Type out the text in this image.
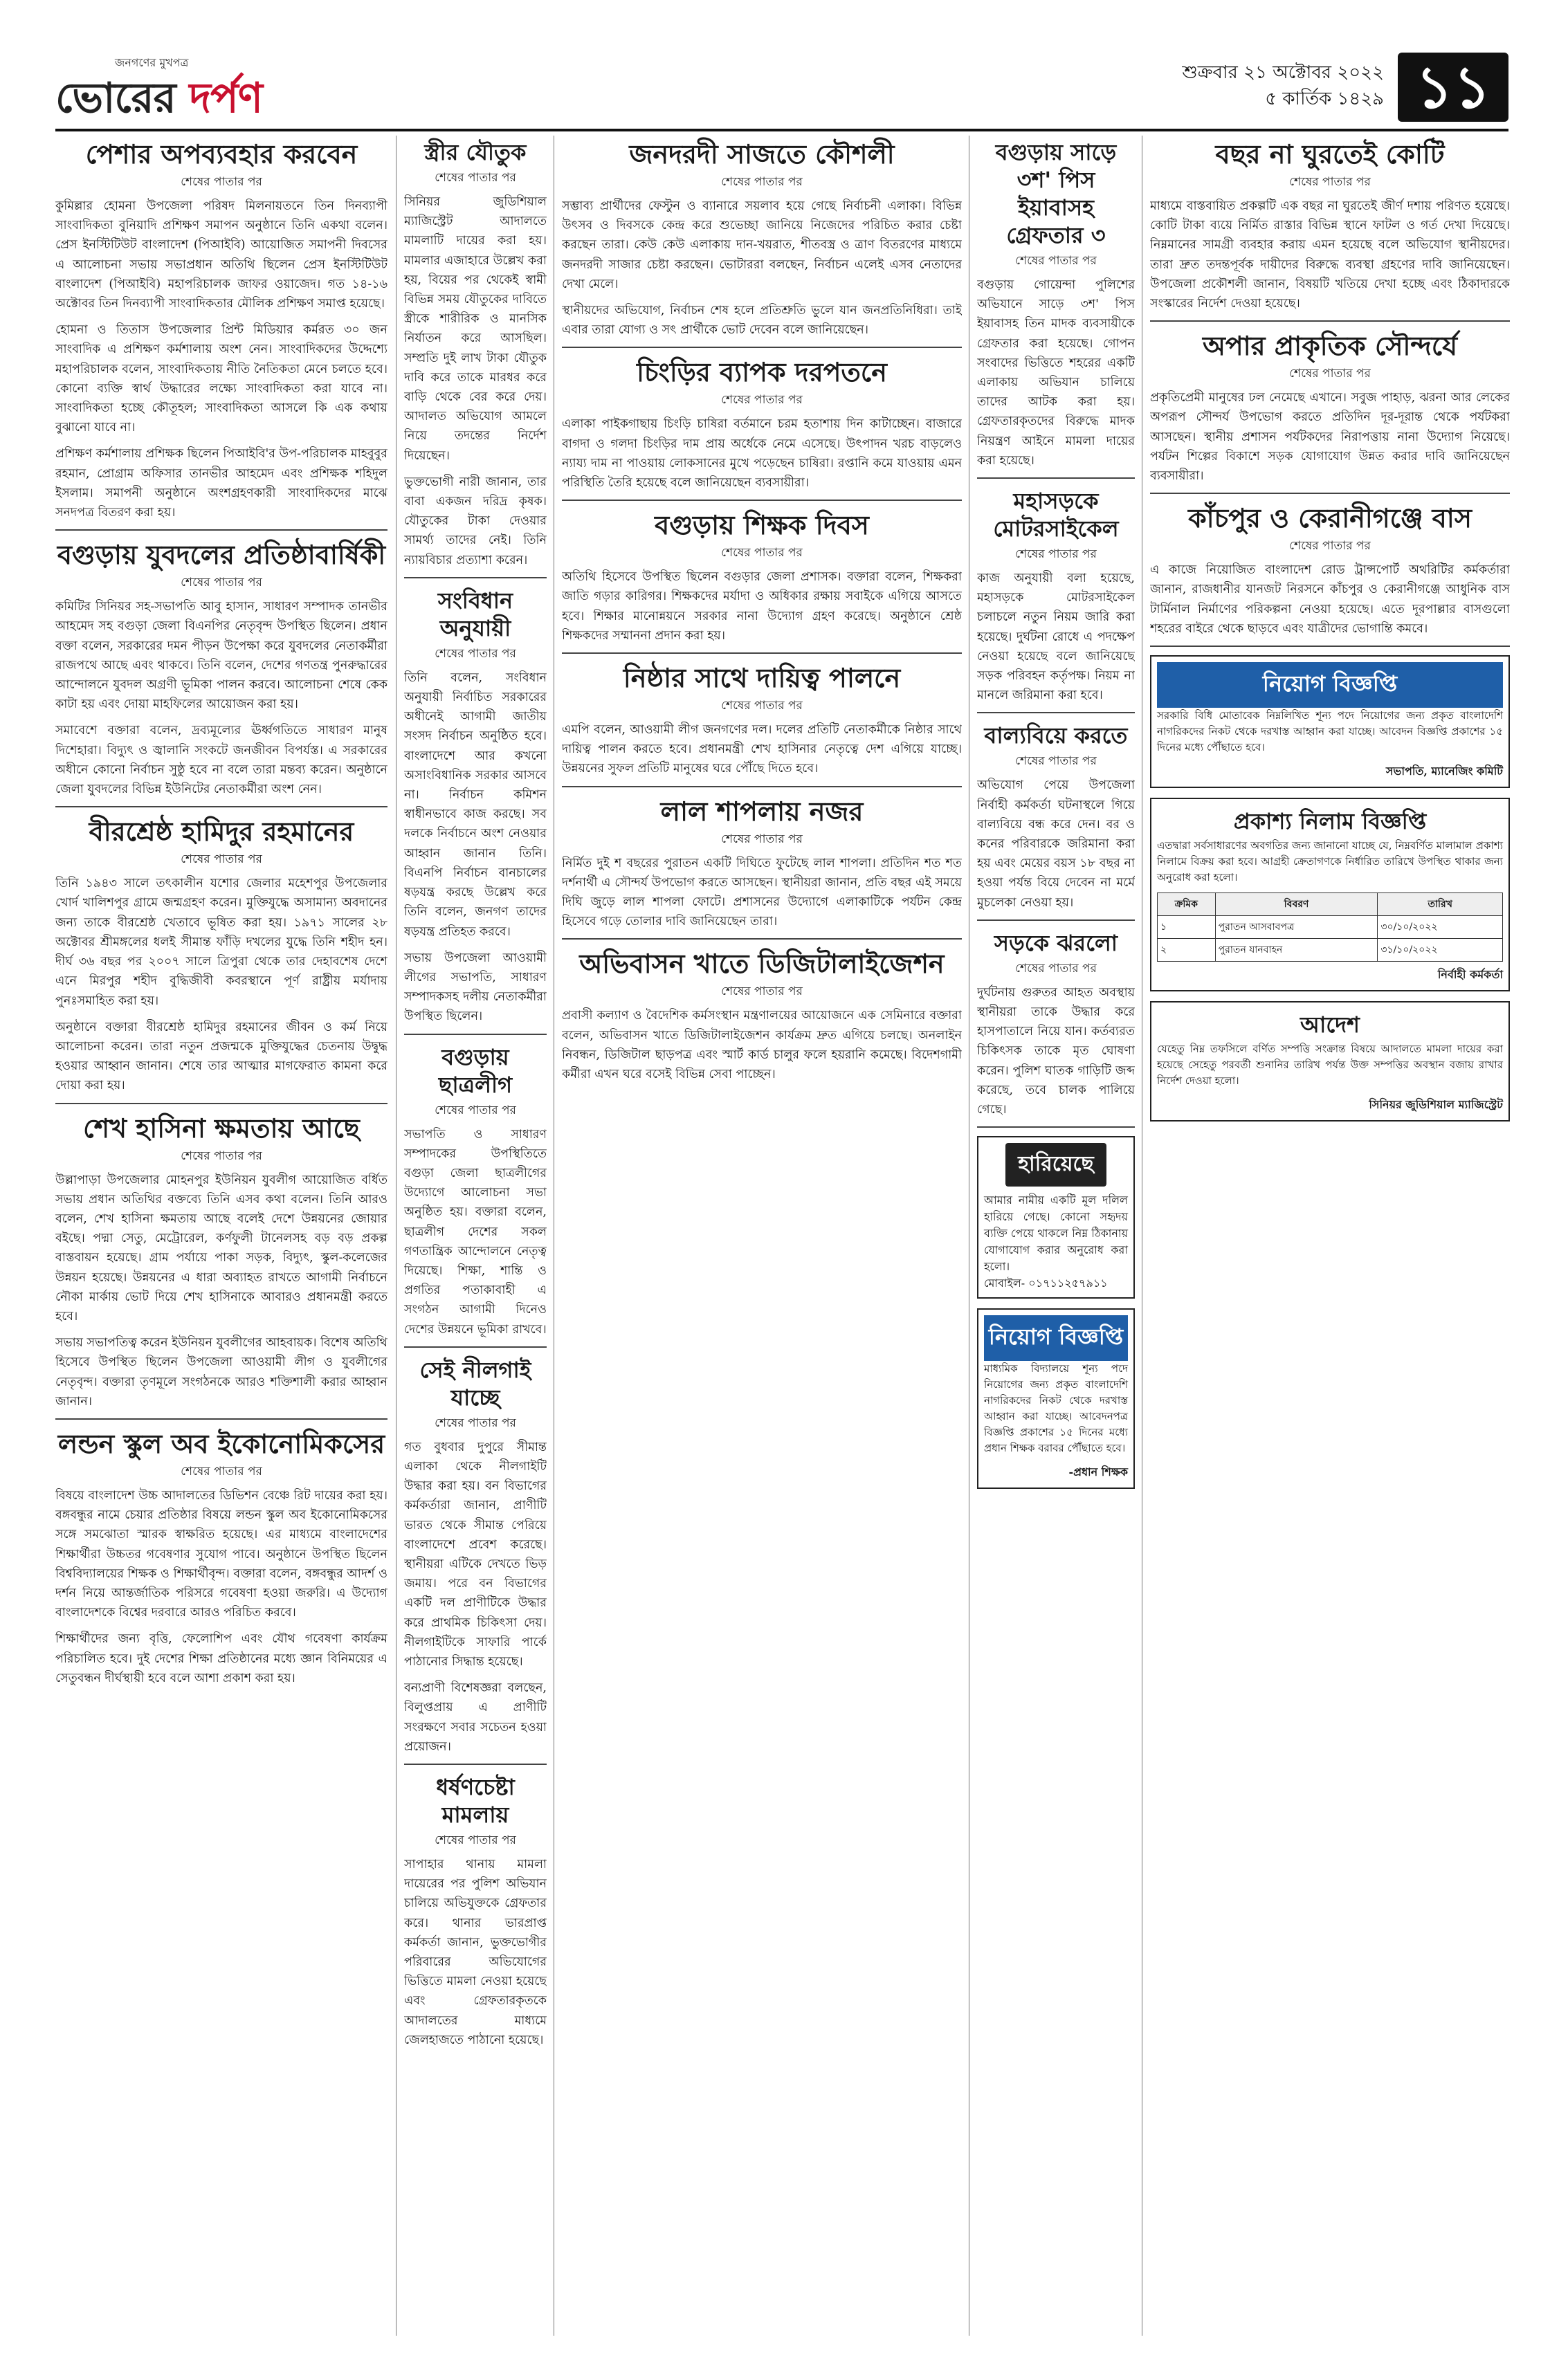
জনগণের মুখপত্র
ভোরের দর্পণ
শুক্রবার ২১ অক্টোবর ২০২২
৫ কার্তিক ১৪২৯ ১১
পেশার অপব্যবহার করবেন
শেষের পাতার পর

কুমিল্লার হোমনা উপজেলা পরিষদ মিলনায়তনে তিন দিনব্যাপী সাংবাদিকতা বুনিয়াদি প্রশিক্ষণ সমাপন অনুষ্ঠানে তিনি একথা বলেন। প্রেস ইনস্টিটিউট বাংলাদেশ (পিআইবি) আয়োজিত সমাপনী দিবসের এ আলোচনা সভায় সভাপ্রধান অতিথি ছিলেন প্রেস ইনস্টিটিউট বাংলাদেশ (পিআইবি) মহাপরিচালক জাফর ওয়াজেদ। গত ১৪-১৬ অক্টোবর তিন দিনব্যাপী সাংবাদিকতার মৌলিক প্রশিক্ষণ সমাপ্ত হয়েছে।

হোমনা ও তিতাস উপজেলার প্রিন্ট মিডিয়ার কর্মরত ৩০ জন সাংবাদিক এ প্রশিক্ষণ কর্মশালায় অংশ নেন। সাংবাদিকদের উদ্দেশ্যে মহাপরিচালক বলেন, সাংবাদিকতায় নীতি নৈতিকতা মেনে চলতে হবে। কোনো ব্যক্তি স্বার্থ উদ্ধারের লক্ষ্যে সাংবাদিকতা করা যাবে না। সাংবাদিকতা হচ্ছে কৌতূহল; সাংবাদিকতা আসলে কি এক কথায় বুঝানো যাবে না।

প্রশিক্ষণ কর্মশালায় প্রশিক্ষক ছিলেন পিআইবি'র উপ-পরিচালক মাহবুবুর রহমান, প্রোগ্রাম অফিসার তানভীর আহমেদ এবং প্রশিক্ষক শহিদুল ইসলাম। সমাপনী অনুষ্ঠানে অংশগ্রহণকারী সাংবাদিকদের মাঝে সনদপত্র বিতরণ করা হয়।

বগুড়ায় যুবদলের প্রতিষ্ঠাবার্ষিকী
শেষের পাতার পর

কমিটির সিনিয়র সহ-সভাপতি আবু হাসান, সাধারণ সম্পাদক তানভীর আহমেদ সহ বগুড়া জেলা বিএনপির নেতৃবৃন্দ উপস্থিত ছিলেন। প্রধান বক্তা বলেন, সরকারের দমন পীড়ন উপেক্ষা করে যুবদলের নেতাকর্মীরা রাজপথে আছে এবং থাকবে। তিনি বলেন, দেশের গণতন্ত্র পুনরুদ্ধারের আন্দোলনে যুবদল অগ্রণী ভূমিকা পালন করবে। আলোচনা শেষে কেক কাটা হয় এবং দোয়া মাহফিলের আয়োজন করা হয়।

সমাবেশে বক্তারা বলেন, দ্রব্যমূল্যের ঊর্ধ্বগতিতে সাধারণ মানুষ দিশেহারা। বিদ্যুৎ ও জ্বালানি সংকটে জনজীবন বিপর্যস্ত। এ সরকারের অধীনে কোনো নির্বাচন সুষ্ঠু হবে না বলে তারা মন্তব্য করেন। অনুষ্ঠানে জেলা যুবদলের বিভিন্ন ইউনিটের নেতাকর্মীরা অংশ নেন।

বীরশ্রেষ্ঠ হামিদুর রহমানের
শেষের পাতার পর

তিনি ১৯৪৩ সালে তৎকালীন যশোর জেলার মহেশপুর উপজেলার খোর্দ খালিশপুর গ্রামে জন্মগ্রহণ করেন। মুক্তিযুদ্ধে অসামান্য অবদানের জন্য তাকে বীরশ্রেষ্ঠ খেতাবে ভূষিত করা হয়। ১৯৭১ সালের ২৮ অক্টোবর শ্রীমঙ্গলের ধলই সীমান্ত ফাঁড়ি দখলের যুদ্ধে তিনি শহীদ হন। দীর্ঘ ৩৬ বছর পর ২০০৭ সালে ত্রিপুরা থেকে তার দেহাবশেষ দেশে এনে মিরপুর শহীদ বুদ্ধিজীবী কবরস্থানে পূর্ণ রাষ্ট্রীয় মর্যাদায় পুনঃসমাহিত করা হয়।

অনুষ্ঠানে বক্তারা বীরশ্রেষ্ঠ হামিদুর রহমানের জীবন ও কর্ম নিয়ে আলোচনা করেন। তারা নতুন প্রজন্মকে মুক্তিযুদ্ধের চেতনায় উদ্বুদ্ধ হওয়ার আহ্বান জানান। শেষে তার আত্মার মাগফেরাত কামনা করে দোয়া করা হয়।

শেখ হাসিনা ক্ষমতায় আছে
শেষের পাতার পর

উল্লাপাড়া উপজেলার মোহনপুর ইউনিয়ন যুবলীগ আয়োজিত বর্ধিত সভায় প্রধান অতিথির বক্তব্যে তিনি এসব কথা বলেন। তিনি আরও বলেন, শেখ হাসিনা ক্ষমতায় আছে বলেই দেশে উন্নয়নের জোয়ার বইছে। পদ্মা সেতু, মেট্রোরেল, কর্ণফুলী টানেলসহ বড় বড় প্রকল্প বাস্তবায়ন হয়েছে। গ্রাম পর্যায়ে পাকা সড়ক, বিদ্যুৎ, স্কুল-কলেজের উন্নয়ন হয়েছে। উন্নয়নের এ ধারা অব্যাহত রাখতে আগামী নির্বাচনে নৌকা মার্কায় ভোট দিয়ে শেখ হাসিনাকে আবারও প্রধানমন্ত্রী করতে হবে।

সভায় সভাপতিত্ব করেন ইউনিয়ন যুবলীগের আহবায়ক। বিশেষ অতিথি হিসেবে উপস্থিত ছিলেন উপজেলা আওয়ামী লীগ ও যুবলীগের নেতৃবৃন্দ। বক্তারা তৃণমূলে সংগঠনকে আরও শক্তিশালী করার আহ্বান জানান।

লন্ডন স্কুল অব ইকোনোমিকসের
শেষের পাতার পর

বিষয়ে বাংলাদেশ উচ্চ আদালতের ডিভিশন বেঞ্চে রিট দায়ের করা হয়। বঙ্গবন্ধুর নামে চেয়ার প্রতিষ্ঠার বিষয়ে লন্ডন স্কুল অব ইকোনোমিকসের সঙ্গে সমঝোতা স্মারক স্বাক্ষরিত হয়েছে। এর মাধ্যমে বাংলাদেশের শিক্ষার্থীরা উচ্চতর গবেষণার সুযোগ পাবে। অনুষ্ঠানে উপস্থিত ছিলেন বিশ্ববিদ্যালয়ের শিক্ষক ও শিক্ষার্থীবৃন্দ। বক্তারা বলেন, বঙ্গবন্ধুর আদর্শ ও দর্শন নিয়ে আন্তর্জাতিক পরিসরে গবেষণা হওয়া জরুরি। এ উদ্যোগ বাংলাদেশকে বিশ্বের দরবারে আরও পরিচিত করবে।

শিক্ষার্থীদের জন্য বৃত্তি, ফেলোশিপ এবং যৌথ গবেষণা কার্যক্রম পরিচালিত হবে। দুই দেশের শিক্ষা প্রতিষ্ঠানের মধ্যে জ্ঞান বিনিময়ের এ সেতুবন্ধন দীর্ঘস্থায়ী হবে বলে আশা প্রকাশ করা হয়।

স্ত্রীর যৌতুক
শেষের পাতার পর

সিনিয়র জুডিশিয়াল ম্যাজিস্ট্রেট আদালতে মামলাটি দায়ের করা হয়। মামলার এজাহারে উল্লেখ করা হয়, বিয়ের পর থেকেই স্বামী বিভিন্ন সময় যৌতুকের দাবিতে স্ত্রীকে শারীরিক ও মানসিক নির্যাতন করে আসছিল। সম্প্রতি দুই লাখ টাকা যৌতুক দাবি করে তাকে মারধর করে বাড়ি থেকে বের করে দেয়। আদালত অভিযোগ আমলে নিয়ে তদন্তের নির্দেশ দিয়েছেন।

ভুক্তভোগী নারী জানান, তার বাবা একজন দরিদ্র কৃষক। যৌতুকের টাকা দেওয়ার সামর্থ্য তাদের নেই। তিনি ন্যায়বিচার প্রত্যাশা করেন।

সংবিধান অনুযায়ী
শেষের পাতার পর

তিনি বলেন, সংবিধান অনুযায়ী নির্বাচিত সরকারের অধীনেই আগামী জাতীয় সংসদ নির্বাচন অনুষ্ঠিত হবে। বাংলাদেশে আর কখনো অসাংবিধানিক সরকার আসবে না। নির্বাচন কমিশন স্বাধীনভাবে কাজ করছে। সব দলকে নির্বাচনে অংশ নেওয়ার আহ্বান জানান তিনি। বিএনপি নির্বাচন বানচালের ষড়যন্ত্র করছে উল্লেখ করে তিনি বলেন, জনগণ তাদের ষড়যন্ত্র প্রতিহত করবে।

সভায় উপজেলা আওয়ামী লীগের সভাপতি, সাধারণ সম্পাদকসহ দলীয় নেতাকর্মীরা উপস্থিত ছিলেন।

বগুড়ায় ছাত্রলীগ
শেষের পাতার পর

সভাপতি ও সাধারণ সম্পাদকের উপস্থিতিতে বগুড়া জেলা ছাত্রলীগের উদ্যোগে আলোচনা সভা অনুষ্ঠিত হয়। বক্তারা বলেন, ছাত্রলীগ দেশের সকল গণতান্ত্রিক আন্দোলনে নেতৃত্ব দিয়েছে। শিক্ষা, শান্তি ও প্রগতির পতাকাবাহী এ সংগঠন আগামী দিনেও দেশের উন্নয়নে ভূমিকা রাখবে।

সেই নীলগাই যাচ্ছে
শেষের পাতার পর

গত বুধবার দুপুরে সীমান্ত এলাকা থেকে নীলগাইটি উদ্ধার করা হয়। বন বিভাগের কর্মকর্তারা জানান, প্রাণীটি ভারত থেকে সীমান্ত পেরিয়ে বাংলাদেশে প্রবেশ করেছে। স্থানীয়রা এটিকে দেখতে ভিড় জমায়। পরে বন বিভাগের একটি দল প্রাণীটিকে উদ্ধার করে প্রাথমিক চিকিৎসা দেয়। নীলগাইটিকে সাফারি পার্কে পাঠানোর সিদ্ধান্ত হয়েছে।

বন্যপ্রাণী বিশেষজ্ঞরা বলছেন, বিলুপ্তপ্রায় এ প্রাণীটি সংরক্ষণে সবার সচেতন হওয়া প্রয়োজন।

ধর্ষণচেষ্টা মামলায়
শেষের পাতার পর

সাপাহার থানায় মামলা দায়েরের পর পুলিশ অভিযান চালিয়ে অভিযুক্তকে গ্রেফতার করে। থানার ভারপ্রাপ্ত কর্মকর্তা জানান, ভুক্তভোগীর পরিবারের অভিযোগের ভিত্তিতে মামলা নেওয়া হয়েছে এবং গ্রেফতারকৃতকে আদালতের মাধ্যমে জেলহাজতে পাঠানো হয়েছে।

জনদরদী সাজতে কৌশলী
শেষের পাতার পর

সম্ভাব্য প্রার্থীদের ফেস্টুন ও ব্যানারে সয়লাব হয়ে গেছে নির্বাচনী এলাকা। বিভিন্ন উৎসব ও দিবসকে কেন্দ্র করে শুভেচ্ছা জানিয়ে নিজেদের পরিচিত করার চেষ্টা করছেন তারা। কেউ কেউ এলাকায় দান-খয়রাত, শীতবস্ত্র ও ত্রাণ বিতরণের মাধ্যমে জনদরদী সাজার চেষ্টা করছেন। ভোটাররা বলছেন, নির্বাচন এলেই এসব নেতাদের দেখা মেলে।

স্থানীয়দের অভিযোগ, নির্বাচন শেষ হলে প্রতিশ্রুতি ভুলে যান জনপ্রতিনিধিরা। তাই এবার তারা যোগ্য ও সৎ প্রার্থীকে ভোট দেবেন বলে জানিয়েছেন।

চিংড়ির ব্যাপক দরপতনে
শেষের পাতার পর

এলাকা পাইকগাছায় চিংড়ি চাষিরা বর্তমানে চরম হতাশায় দিন কাটাচ্ছেন। বাজারে বাগদা ও গলদা চিংড়ির দাম প্রায় অর্ধেকে নেমে এসেছে। উৎপাদন খরচ বাড়লেও ন্যায্য দাম না পাওয়ায় লোকসানের মুখে পড়েছেন চাষিরা। রপ্তানি কমে যাওয়ায় এমন পরিস্থিতি তৈরি হয়েছে বলে জানিয়েছেন ব্যবসায়ীরা।

বগুড়ায় শিক্ষক দিবস
শেষের পাতার পর

অতিথি হিসেবে উপস্থিত ছিলেন বগুড়ার জেলা প্রশাসক। বক্তারা বলেন, শিক্ষকরা জাতি গড়ার কারিগর। শিক্ষকদের মর্যাদা ও অধিকার রক্ষায় সবাইকে এগিয়ে আসতে হবে। শিক্ষার মানোন্নয়নে সরকার নানা উদ্যোগ গ্রহণ করেছে। অনুষ্ঠানে শ্রেষ্ঠ শিক্ষকদের সম্মাননা প্রদান করা হয়।

নিষ্ঠার সাথে দায়িত্ব পালনে
শেষের পাতার পর

এমপি বলেন, আওয়ামী লীগ জনগণের দল। দলের প্রতিটি নেতাকর্মীকে নিষ্ঠার সাথে দায়িত্ব পালন করতে হবে। প্রধানমন্ত্রী শেখ হাসিনার নেতৃত্বে দেশ এগিয়ে যাচ্ছে। উন্নয়নের সুফল প্রতিটি মানুষের ঘরে পৌঁছে দিতে হবে।

লাল শাপলায় নজর
শেষের পাতার পর

নির্মিত দুই শ বছরের পুরাতন একটি দিঘিতে ফুটেছে লাল শাপলা। প্রতিদিন শত শত দর্শনার্থী এ সৌন্দর্য উপভোগ করতে আসছেন। স্থানীয়রা জানান, প্রতি বছর এই সময়ে দিঘি জুড়ে লাল শাপলা ফোটে। প্রশাসনের উদ্যোগে এলাকাটিকে পর্যটন কেন্দ্র হিসেবে গড়ে তোলার দাবি জানিয়েছেন তারা।

অভিবাসন খাতে ডিজিটালাইজেশন
শেষের পাতার পর

প্রবাসী কল্যাণ ও বৈদেশিক কর্মসংস্থান মন্ত্রণালয়ের আয়োজনে এক সেমিনারে বক্তারা বলেন, অভিবাসন খাতে ডিজিটালাইজেশন কার্যক্রম দ্রুত এগিয়ে চলছে। অনলাইন নিবন্ধন, ডিজিটাল ছাড়পত্র এবং স্মার্ট কার্ড চালুর ফলে হয়রানি কমেছে। বিদেশগামী কর্মীরা এখন ঘরে বসেই বিভিন্ন সেবা পাচ্ছেন।

বগুড়ায় সাড়ে ৩শ' পিস ইয়াবাসহ গ্রেফতার ৩
শেষের পাতার পর

বগুড়ায় গোয়েন্দা পুলিশের অভিযানে সাড়ে ৩শ' পিস ইয়াবাসহ তিন মাদক ব্যবসায়ীকে গ্রেফতার করা হয়েছে। গোপন সংবাদের ভিত্তিতে শহরের একটি এলাকায় অভিযান চালিয়ে তাদের আটক করা হয়। গ্রেফতারকৃতদের বিরুদ্ধে মাদক নিয়ন্ত্রণ আইনে মামলা দায়ের করা হয়েছে।

মহাসড়কে মোটরসাইকেল
শেষের পাতার পর

কাজ অনুযায়ী বলা হয়েছে, মহাসড়কে মোটরসাইকেল চলাচলে নতুন নিয়ম জারি করা হয়েছে। দুর্ঘটনা রোধে এ পদক্ষেপ নেওয়া হয়েছে বলে জানিয়েছে সড়ক পরিবহন কর্তৃপক্ষ। নিয়ম না মানলে জরিমানা করা হবে।

বাল্যবিয়ে করতে
শেষের পাতার পর

অভিযোগ পেয়ে উপজেলা নির্বাহী কর্মকর্তা ঘটনাস্থলে গিয়ে বাল্যবিয়ে বন্ধ করে দেন। বর ও কনের পরিবারকে জরিমানা করা হয় এবং মেয়ের বয়স ১৮ বছর না হওয়া পর্যন্ত বিয়ে দেবেন না মর্মে মুচলেকা নেওয়া হয়।

সড়কে ঝরলো
শেষের পাতার পর

দুর্ঘটনায় গুরুতর আহত অবস্থায় স্থানীয়রা তাকে উদ্ধার করে হাসপাতালে নিয়ে যান। কর্তব্যরত চিকিৎসক তাকে মৃত ঘোষণা করেন। পুলিশ ঘাতক গাড়িটি জব্দ করেছে, তবে চালক পালিয়ে গেছে।

হারিয়েছে

আমার নামীয় একটি মূল দলিল হারিয়ে গেছে। কোনো সহৃদয় ব্যক্তি পেয়ে থাকলে নিম্ন ঠিকানায় যোগাযোগ করার অনুরোধ করা হলো।

মোবাইল- ০১৭১১২৫৭৯১১

নিয়োগ বিজ্ঞপ্তি

মাধ্যমিক বিদ্যালয়ে শূন্য পদে নিয়োগের জন্য প্রকৃত বাংলাদেশি নাগরিকদের নিকট থেকে দরখাস্ত আহ্বান করা যাচ্ছে। আবেদনপত্র বিজ্ঞপ্তি প্রকাশের ১৫ দিনের মধ্যে প্রধান শিক্ষক বরাবর পৌঁছাতে হবে।

-প্রধান শিক্ষক
বছর না ঘুরতেই কোটি
শেষের পাতার পর

মাধ্যমে বাস্তবায়িত প্রকল্পটি এক বছর না ঘুরতেই জীর্ণ দশায় পরিণত হয়েছে। কোটি টাকা ব্যয়ে নির্মিত রাস্তার বিভিন্ন স্থানে ফাটল ও গর্ত দেখা দিয়েছে। নিম্নমানের সামগ্রী ব্যবহার করায় এমন হয়েছে বলে অভিযোগ স্থানীয়দের। তারা দ্রুত তদন্তপূর্বক দায়ীদের বিরুদ্ধে ব্যবস্থা গ্রহণের দাবি জানিয়েছেন। উপজেলা প্রকৌশলী জানান, বিষয়টি খতিয়ে দেখা হচ্ছে এবং ঠিকাদারকে সংস্কারের নির্দেশ দেওয়া হয়েছে।

অপার প্রাকৃতিক সৌন্দর্যে
শেষের পাতার পর

প্রকৃতিপ্রেমী মানুষের ঢল নেমেছে এখানে। সবুজ পাহাড়, ঝরনা আর লেকের অপরূপ সৌন্দর্য উপভোগ করতে প্রতিদিন দূর-দূরান্ত থেকে পর্যটকরা আসছেন। স্থানীয় প্রশাসন পর্যটকদের নিরাপত্তায় নানা উদ্যোগ নিয়েছে। পর্যটন শিল্পের বিকাশে সড়ক যোগাযোগ উন্নত করার দাবি জানিয়েছেন ব্যবসায়ীরা।

কাঁচপুর ও কেরানীগঞ্জে বাস
শেষের পাতার পর

এ কাজে নিয়োজিত বাংলাদেশ রোড ট্রান্সপোর্ট অথরিটির কর্মকর্তারা জানান, রাজধানীর যানজট নিরসনে কাঁচপুর ও কেরানীগঞ্জে আধুনিক বাস টার্মিনাল নির্মাণের পরিকল্পনা নেওয়া হয়েছে। এতে দূরপাল্লার বাসগুলো শহরের বাইরে থেকে ছাড়বে এবং যাত্রীদের ভোগান্তি কমবে।

নিয়োগ বিজ্ঞপ্তি

সরকারি বিধি মোতাবেক নিম্নলিখিত শূন্য পদে নিয়োগের জন্য প্রকৃত বাংলাদেশি নাগরিকদের নিকট থেকে দরখাস্ত আহ্বান করা যাচ্ছে। আবেদন বিজ্ঞপ্তি প্রকাশের ১৫ দিনের মধ্যে পৌঁছাতে হবে।

সভাপতি, ম্যানেজিং কমিটি
প্রকাশ্য নিলাম বিজ্ঞপ্তি

এতদ্বারা সর্বসাধারণের অবগতির জন্য জানানো যাচ্ছে যে, নিম্নবর্ণিত মালামাল প্রকাশ্য নিলামে বিক্রয় করা হবে। আগ্রহী ক্রেতাগণকে নির্ধারিত তারিখে উপস্থিত থাকার জন্য অনুরোধ করা হলো।

ক্রমিক	বিবরণ	তারিখ
১	পুরাতন আসবাবপত্র	৩০/১০/২০২২
২	পুরাতন যানবাহন	৩১/১০/২০২২
নির্বাহী কর্মকর্তা
আদেশ

যেহেতু নিম্ন তফসিলে বর্ণিত সম্পত্তি সংক্রান্ত বিষয়ে আদালতে মামলা দায়ের করা হয়েছে সেহেতু পরবর্তী শুনানির তারিখ পর্যন্ত উক্ত সম্পত্তির অবস্থান বজায় রাখার নির্দেশ দেওয়া হলো।

সিনিয়র জুডিশিয়াল ম্যাজিস্ট্রেট
